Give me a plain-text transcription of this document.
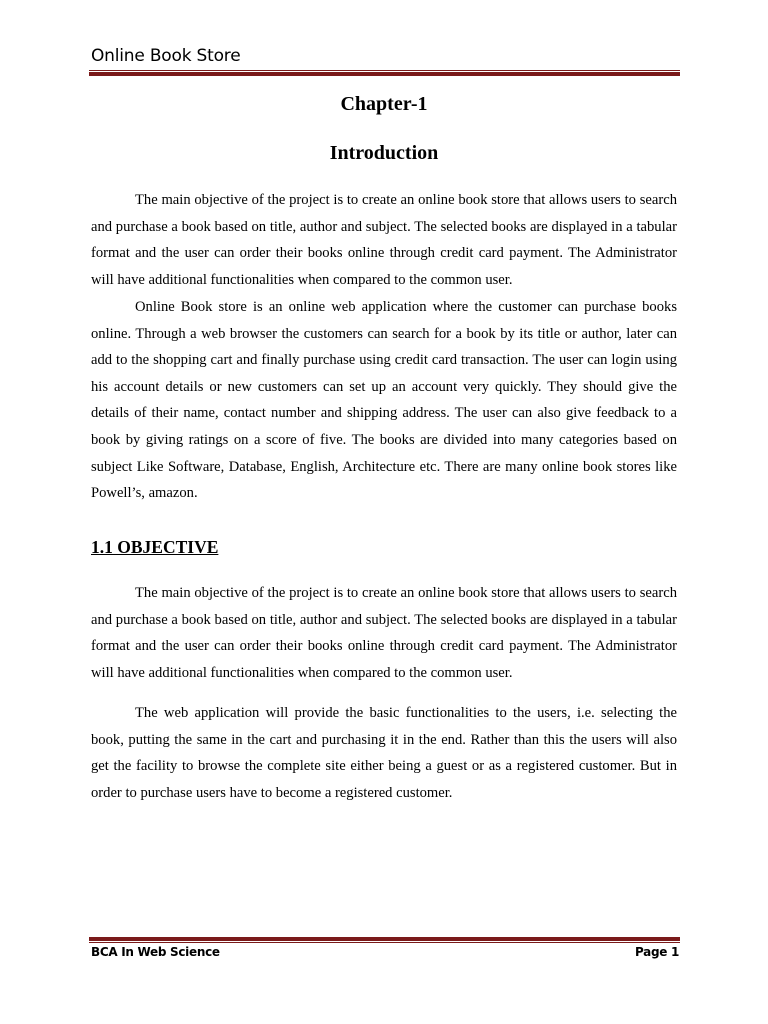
Online Book Store
Chapter-1
Introduction

The main objective of the project is to create an online book store that allows users to search and purchase a book based on title, author and subject. The selected books are displayed in a tabular format and the user can order their books online through credit card payment. The Administrator will have additional functionalities when compared to the common user.

Online Book store is an online web application where the customer can purchase books online. Through a web browser the customers can search for a book by its title or author, later can add to the shopping cart and finally purchase using credit card transaction. The user can login using his account details or new customers can set up an account very quickly. They should give the details of their name, contact number and shipping address. The user can also give feedback to a book by giving ratings on a score of five. The books are divided into many categories based on subject Like Software, Database, English, Architecture etc. There are many online book stores like Powell’s, amazon.

1.1 OBJECTIVE

The main objective of the project is to create an online book store that allows users to search and purchase a book based on title, author and subject. The selected books are displayed in a tabular format and the user can order their books online through credit card payment. The Administrator will have additional functionalities when compared to the common user.

The web application will provide the basic functionalities to the users, i.e. selecting the book, putting the same in the cart and purchasing it in the end. Rather than this the users will also get the facility to browse the complete site either being a guest or as a registered customer. But in order to purchase users have to become a registered customer.

BCA In Web Science	Page 1
